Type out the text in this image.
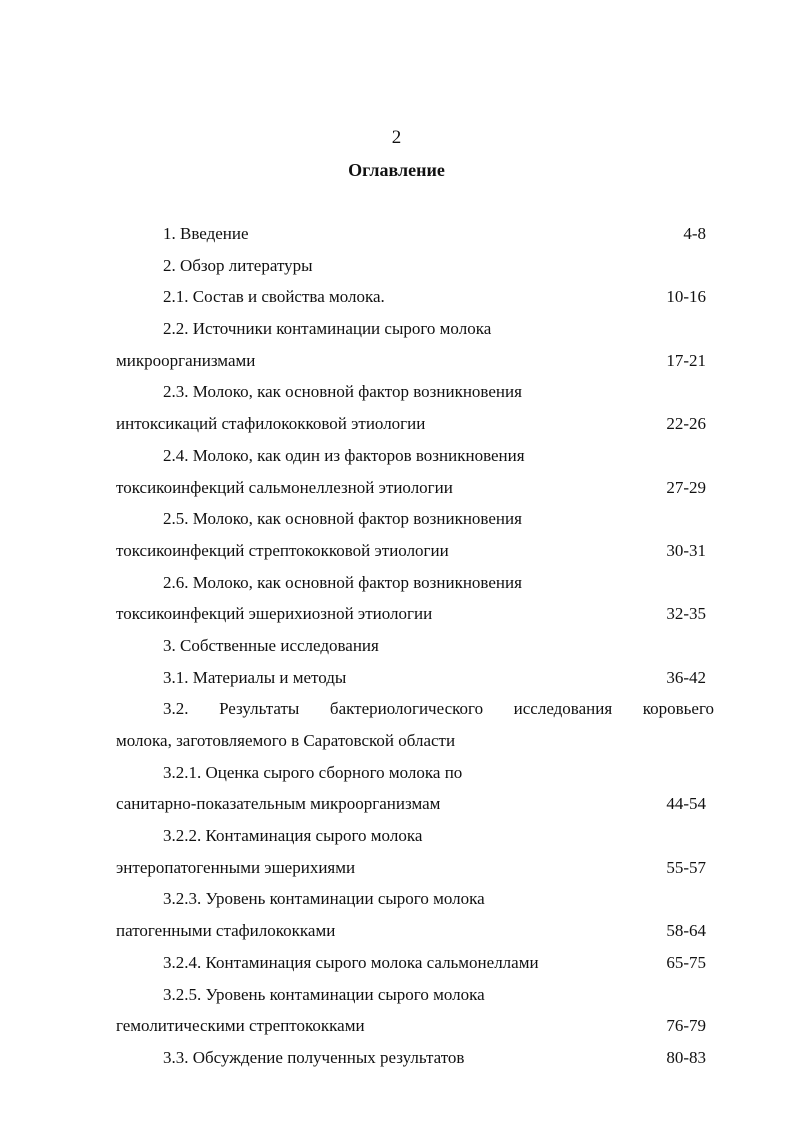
2
Оглавление
1. Введение	4-8
2. Обзор литературы
2.1. Состав и свойства молока.	10-16
2.2. Источники контаминации сырого молока
микроорганизмами	17-21
2.3. Молоко, как основной фактор возникновения
интоксикаций стафилококковой этиологии	22-26
2.4. Молоко, как один из факторов возникновения
токсикоинфекций сальмонеллезной этиологии	27-29
2.5. Молоко, как основной фактор возникновения
токсикоинфекций стрептококковой этиологии	30-31
2.6. Молоко, как основной фактор возникновения
токсикоинфекций эшерихиозной этиологии	32-35
3. Собственные исследования
3.1. Материалы и методы	36-42
3.2. Результаты бактериологического исследования коровьего
молока, заготовляемого в Саратовской области
3.2.1. Оценка сырого сборного молока по
санитарно-показательным микроорганизмам	44-54
3.2.2. Контаминация сырого молока
энтеропатогенными эшерихиями	55-57
3.2.3. Уровень контаминации сырого молока
патогенными стафилококками	58-64
3.2.4. Контаминация сырого молока сальмонеллами	65-75
3.2.5. Уровень контаминации сырого молока
гемолитическими стрептококками	76-79
3.3. Обсуждение полученных результатов	80-83
